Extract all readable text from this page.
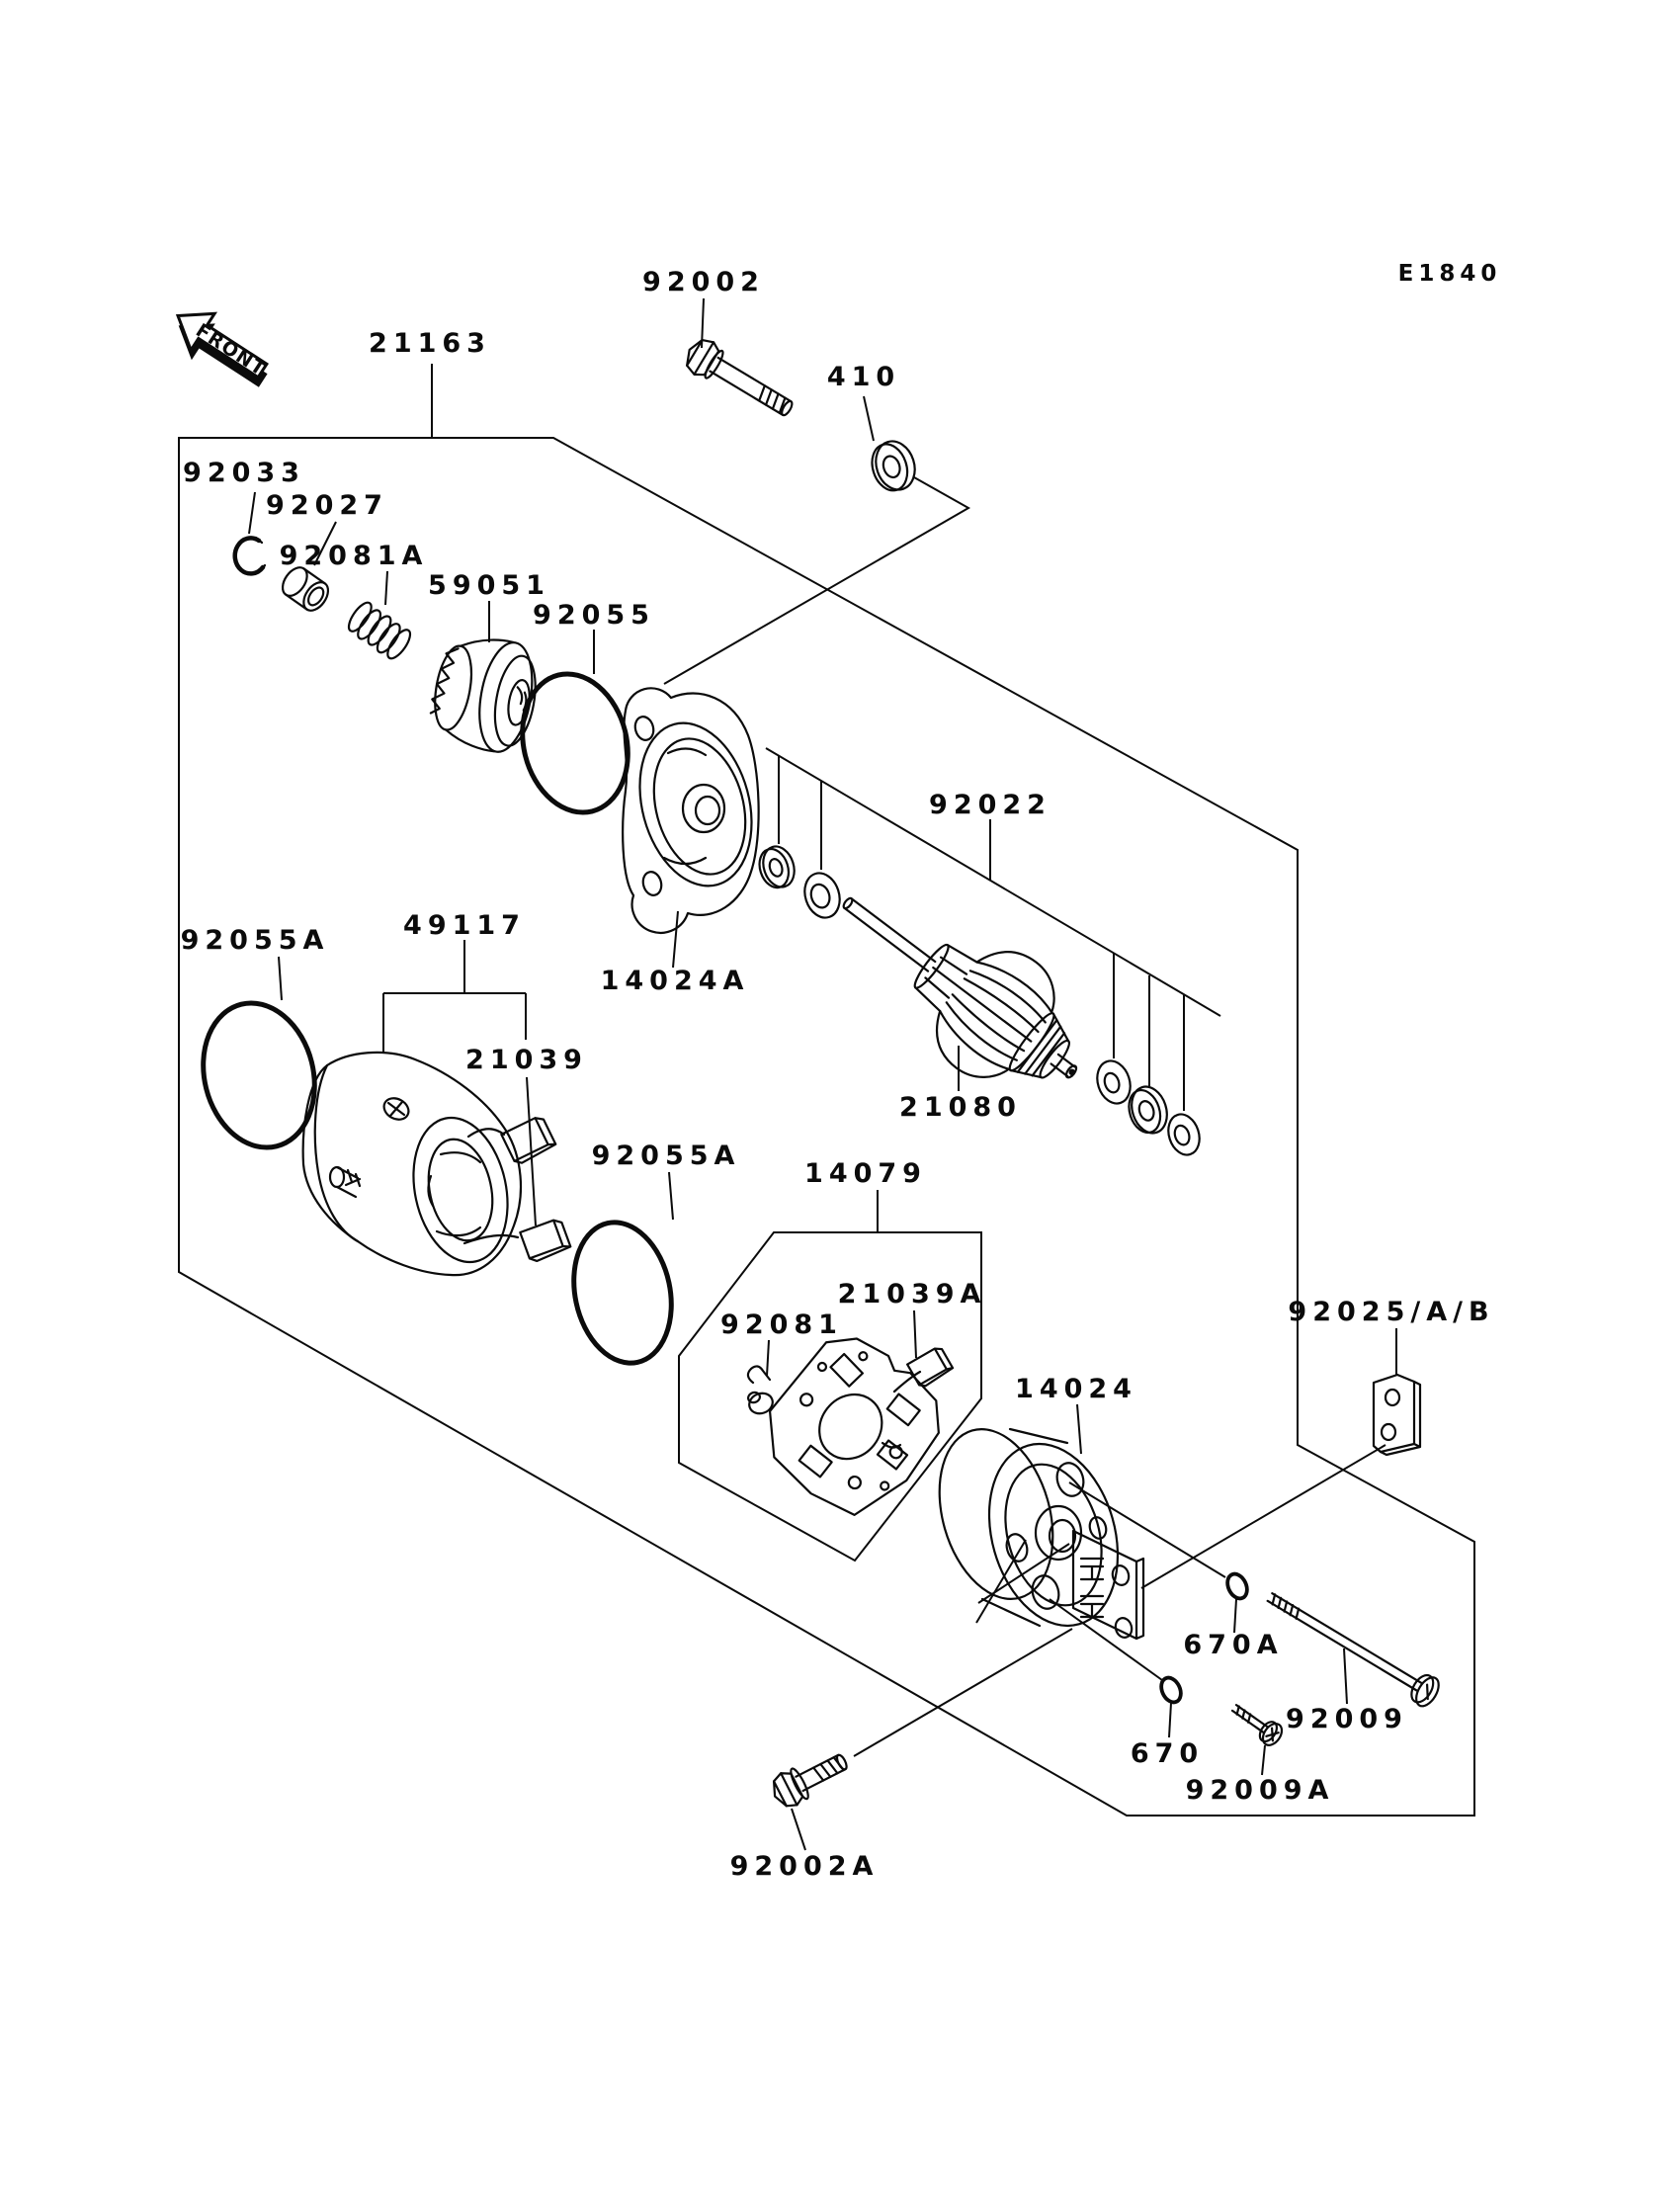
FRONT
E1840
92002
21163
410
92033
92027
92081A
59051
92055
92022
92055A	49117
14024A
21039
21080
92055A
14079
21039A
92081
14024
92025/A/B
670A
92009
670
92009A
92002A
